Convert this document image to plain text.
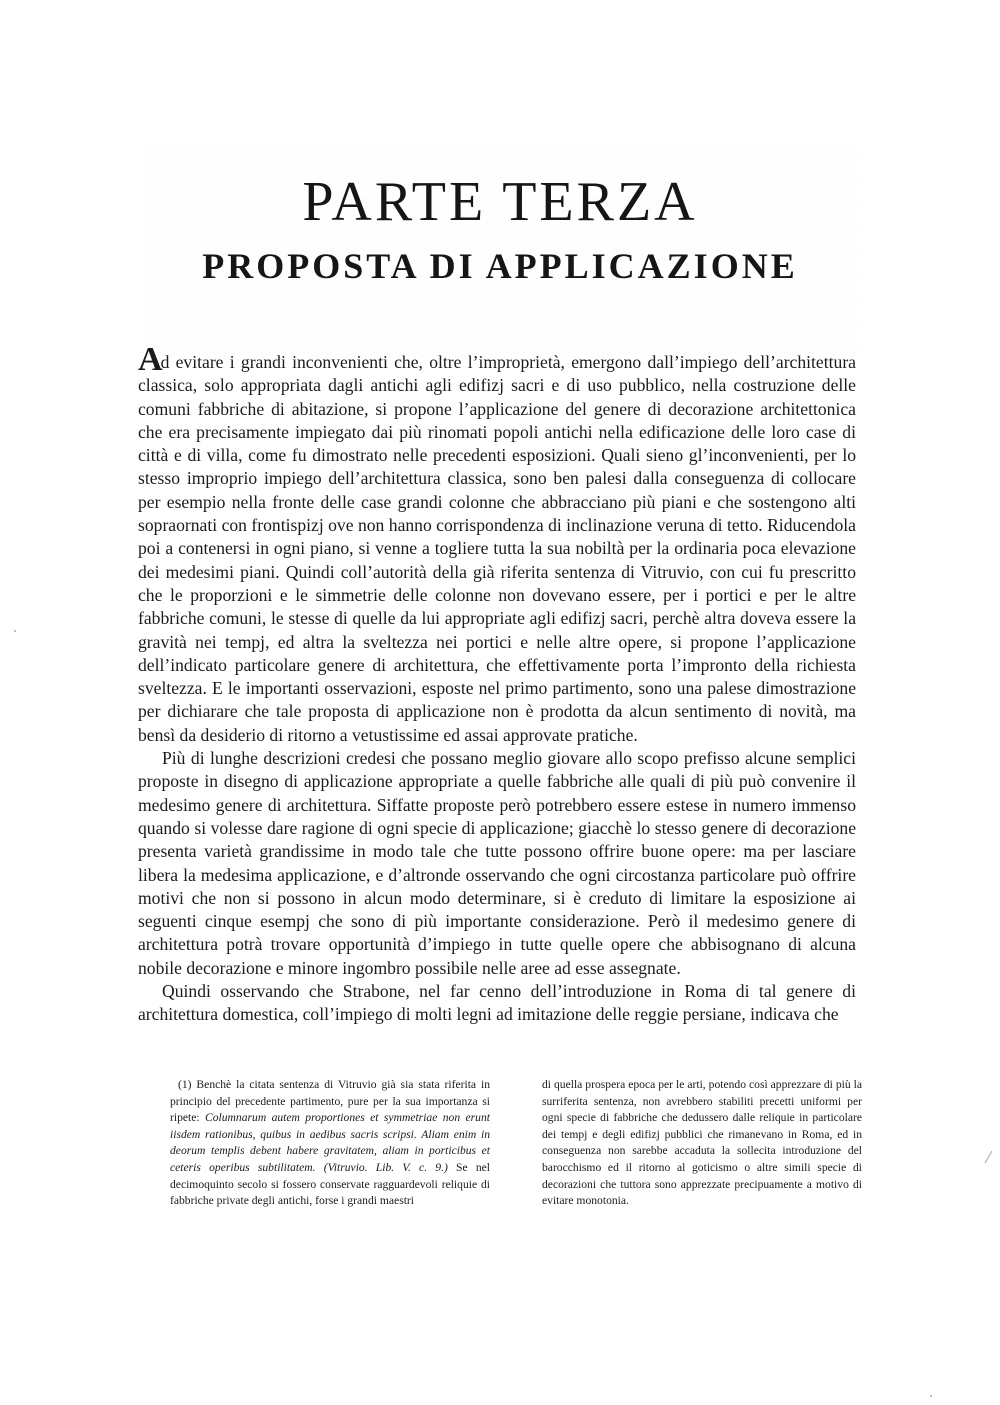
PARTE TERZA
PROPOSTA DI APPLICAZIONE

Ad evitare i grandi inconvenienti che, oltre l’improprietà, emergono dall’impiego dell’architettura classica, solo appropriata dagli antichi agli edifizj sacri e di uso pubblico, nella costruzione delle comuni fabbriche di abitazione, si propone l’applicazione del genere di decorazione architettonica che era precisamente impiegato dai più rinomati popoli antichi nella edificazione delle loro case di città e di villa, come fu dimostrato nelle precedenti esposizioni. Quali sieno gl’inconvenienti, per lo stesso improprio impiego dell’architettura classica, sono ben palesi dalla conseguenza di collocare per esempio nella fronte delle case grandi colonne che abbracciano più piani e che sostengono alti sopraornati con frontispizj ove non hanno corrispondenza di inclinazione veruna di tetto. Riducendola poi a contenersi in ogni piano, si venne a togliere tutta la sua nobiltà per la ordinaria poca elevazione dei medesimi piani. Quindi coll’autorità della già riferita sentenza di Vitruvio, con cui fu prescritto che le proporzioni e le simmetrie delle colonne non dovevano essere, per i portici e per le altre fabbriche comuni, le stesse di quelle da lui appropriate agli edifizj sacri, perchè altra doveva essere la gravità nei tempj, ed altra la sveltezza nei portici e nelle altre opere, si propone l’applicazione dell’indicato particolare genere di architettura, che effettivamente porta l’impronto della richiesta sveltezza. E le importanti osservazioni, esposte nel primo partimento, sono una palese dimostrazione per dichiarare che tale proposta di applicazione non è prodotta da alcun sentimento di novità, ma bensì da desiderio di ritorno a vetustissime ed assai approvate pratiche.

Più di lunghe descrizioni credesi che possano meglio giovare allo scopo prefisso alcune semplici proposte in disegno di applicazione appropriate a quelle fabbriche alle quali di più può convenire il medesimo genere di architettura. Siffatte proposte però potrebbero essere estese in numero immenso quando si volesse dare ragione di ogni specie di applicazione; giacchè lo stesso genere di decorazione presenta varietà grandissime in modo tale che tutte possono offrire buone opere: ma per lasciare libera la medesima applicazione, e d’altronde osservando che ogni circostanza particolare può offrire motivi che non si possono in alcun modo determinare, si è creduto di limitare la esposizione ai seguenti cinque esempj che sono di più importante considerazione. Però il medesimo genere di architettura potrà trovare opportunità d’impiego in tutte quelle opere che abbisognano di alcuna nobile decorazione e minore ingombro possibile nelle aree ad esse assegnate.

Quindi osservando che Strabone, nel far cenno dell’introduzione in Roma di tal genere di architettura domestica, coll’impiego di molti legni ad imitazione delle reggie persiane, indicava che

(1) Benchè la citata sentenza di Vitruvio già sia stata riferita in principio del precedente partimento, pure per la sua importanza si ripete: Columnarum autem proportiones et symmetriae non erunt iisdem rationibus, quibus in aedibus sacris scripsi. Aliam enim in deorum templis debent habere gravitatem, aliam in porticibus et ceteris operibus subtilitatem. (Vitruvio. Lib. V. c. 9.) Se nel decimoquinto secolo si fossero conservate ragguardevoli reliquie di fabbriche private degli antichi, forse i grandi maestri

di quella prospera epoca per le arti, potendo così apprezzare di più la surriferita sentenza, non avrebbero stabiliti precetti uniformi per ogni specie di fabbriche che dedussero dalle reliquie in particolare dei tempj e degli edifizj pubblici che rimanevano in Roma, ed in conseguenza non sarebbe accaduta la sollecita introduzione del barocchismo ed il ritorno al goticismo o altre simili specie di decorazioni che tuttora sono apprezzate precipuamente a motivo di evitare monotonia.
